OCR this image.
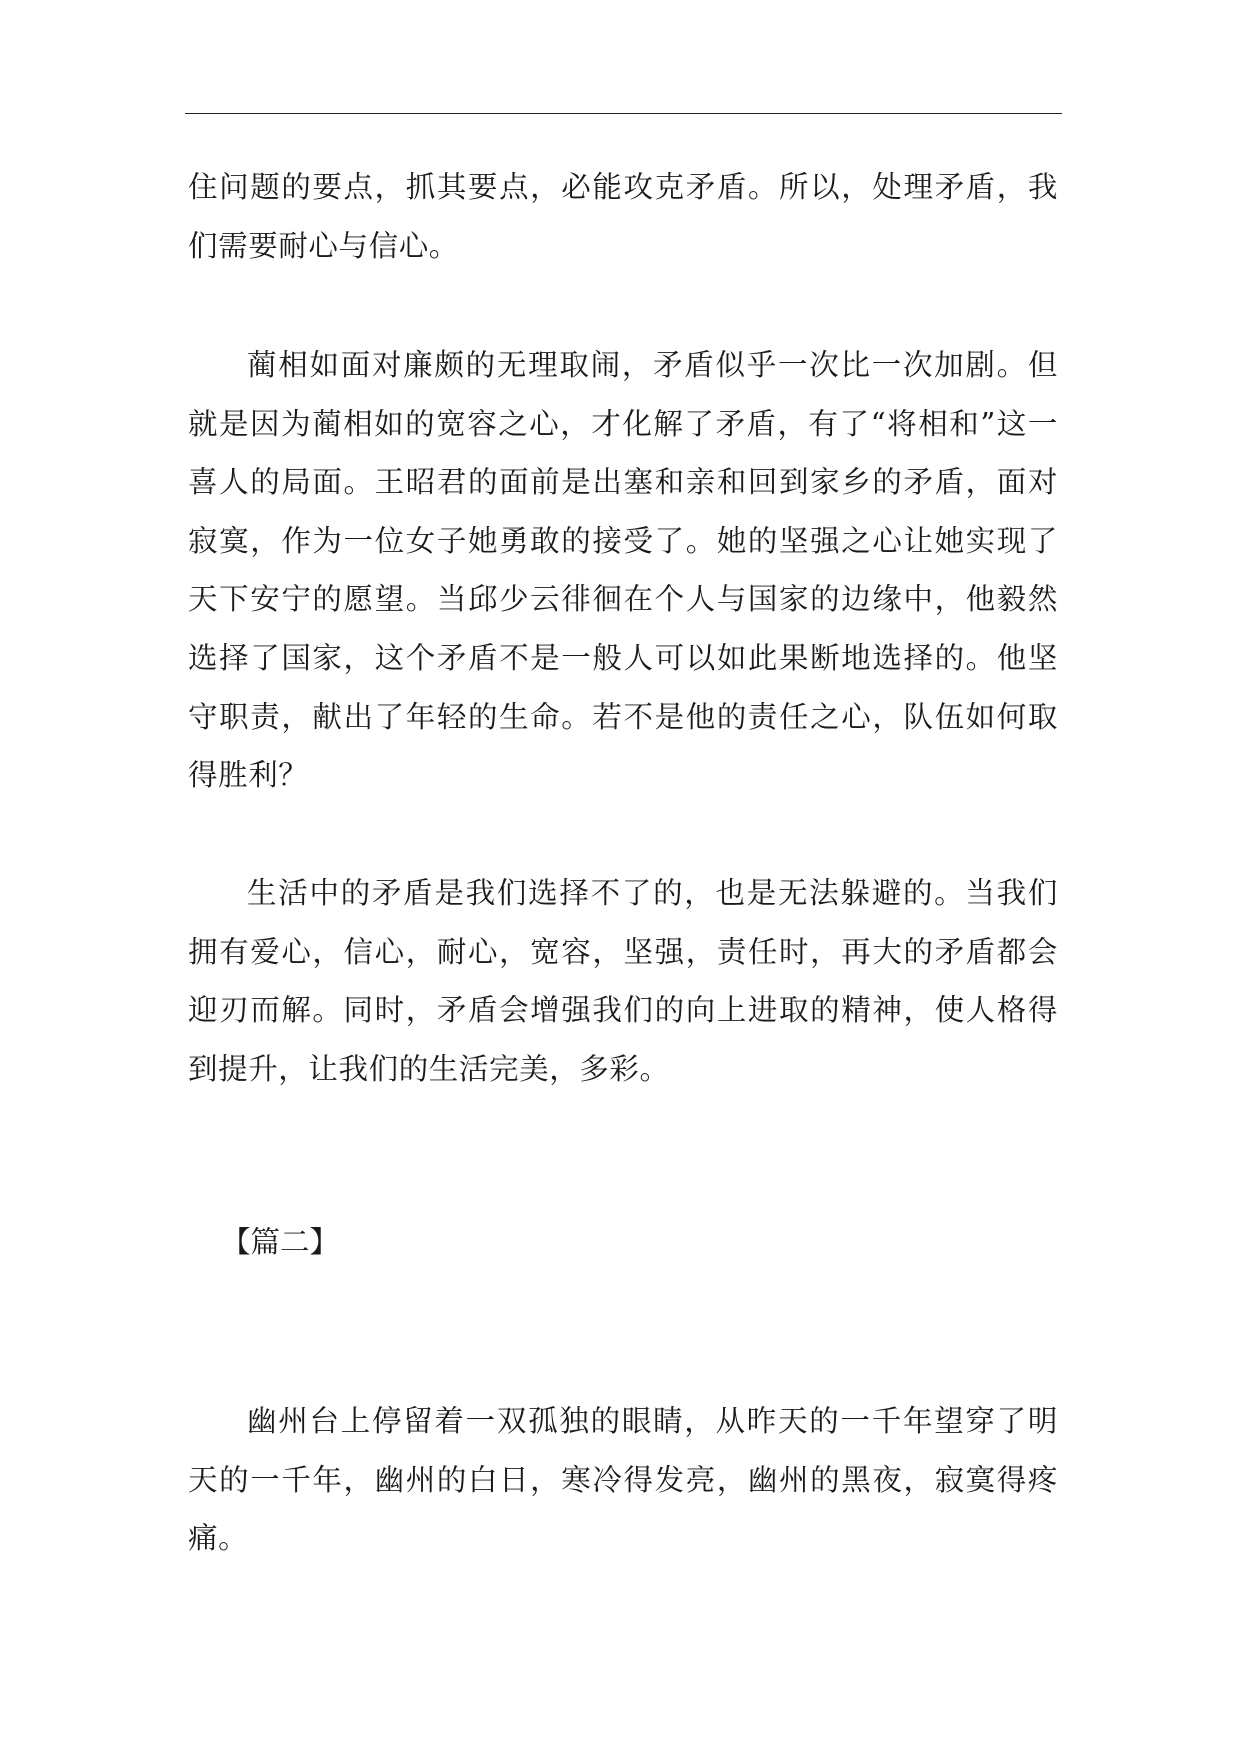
住问题的要点，抓其要点，必能攻克矛盾。所以，处理矛盾，我们需要耐心与信心。

蔺相如面对廉颇的无理取闹，矛盾似乎一次比一次加剧。但就是因为蔺相如的宽容之心，才化解了矛盾，有了“将相和”这一喜人的局面。王昭君的面前是出塞和亲和回到家乡的矛盾，面对寂寞，作为一位女子她勇敢的接受了。她的坚强之心让她实现了天下安宁的愿望。当邱少云徘徊在个人与国家的边缘中，他毅然选择了国家，这个矛盾不是一般人可以如此果断地选择的。他坚守职责，献出了年轻的生命。若不是他的责任之心，队伍如何取得胜利？

生活中的矛盾是我们选择不了的，也是无法躲避的。当我们拥有爱心，信心，耐心，宽容，坚强，责任时，再大的矛盾都会迎刃而解。同时，矛盾会增强我们的向上进取的精神，使人格得到提升，让我们的生活完美，多彩。

【篇二】

幽州台上停留着一双孤独的眼睛，从昨天的一千年望穿了明天的一千年，幽州的白日，寒冷得发亮，幽州的黑夜，寂寞得疼痛。
